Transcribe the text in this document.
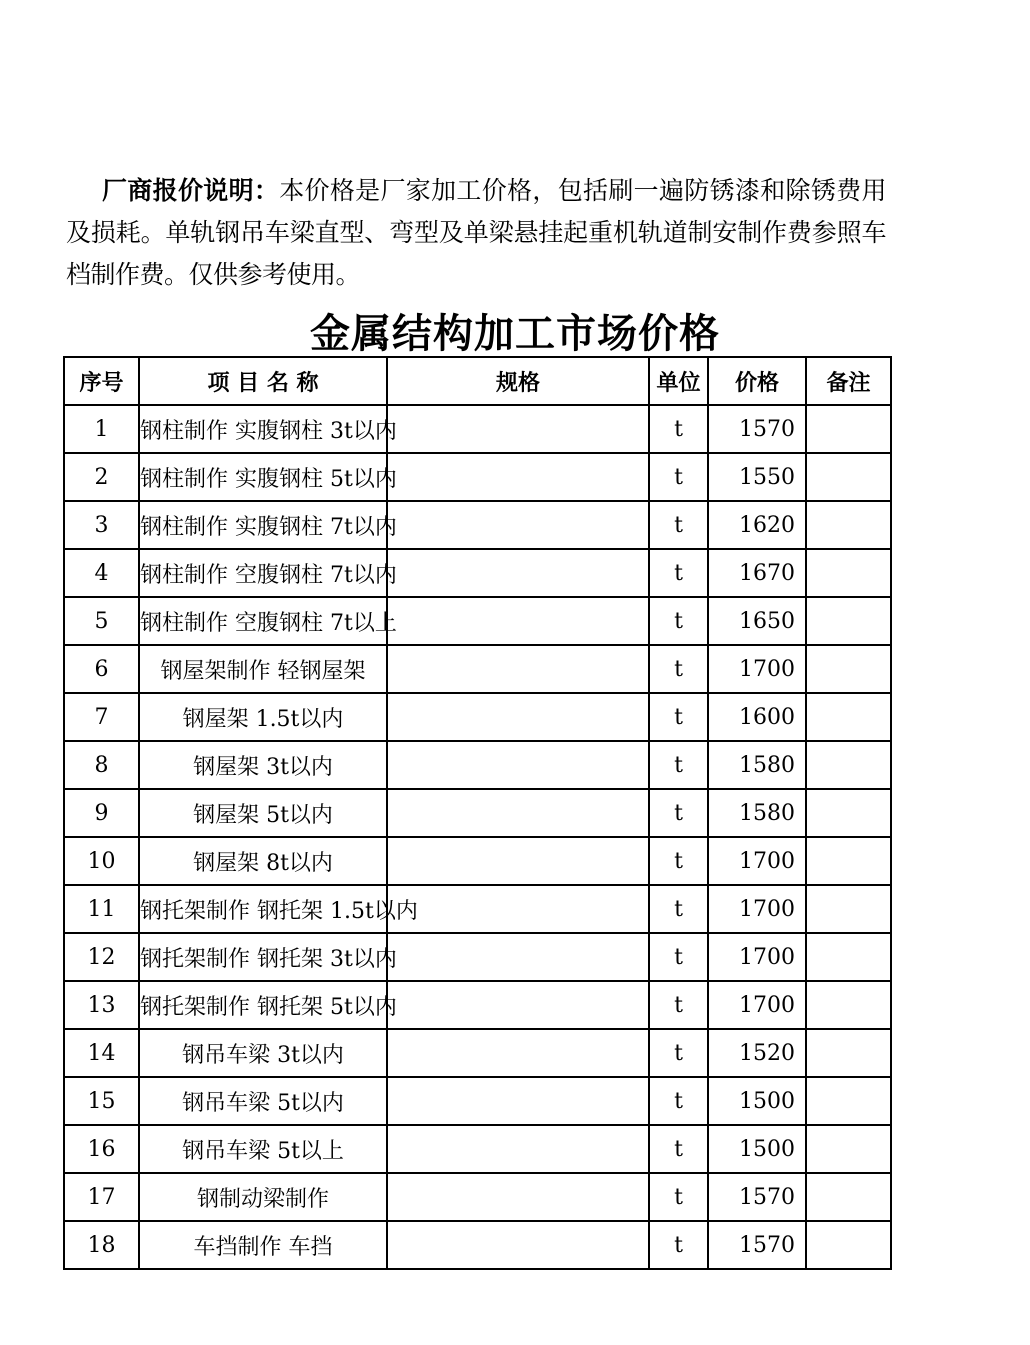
厂商报价说明：本价格是厂家加工价格，包括刷一遍防锈漆和除锈费用及损耗。单轨钢吊车梁直型、弯型及单梁悬挂起重机轨道制安制作费参照车档制作费。仅供参考使用。
金属结构加工市场价格
序号	项 目 名 称	规格	单位	价格	备注
1	钢柱制作 实腹钢柱 3t以内		t	1570	
2	钢柱制作 实腹钢柱 5t以内		t	1550	
3	钢柱制作 实腹钢柱 7t以内		t	1620	
4	钢柱制作 空腹钢柱 7t以内		t	1670	
5	钢柱制作 空腹钢柱 7t以上		t	1650	
6	钢屋架制作 轻钢屋架		t	1700	
7	钢屋架 1.5t以内		t	1600	
8	钢屋架 3t以内		t	1580	
9	钢屋架 5t以内		t	1580	
10	钢屋架 8t以内		t	1700	
11	钢托架制作 钢托架 1.5t以内		t	1700	
12	钢托架制作 钢托架 3t以内		t	1700	
13	钢托架制作 钢托架 5t以内		t	1700	
14	钢吊车梁 3t以内		t	1520	
15	钢吊车梁 5t以内		t	1500	
16	钢吊车梁 5t以上		t	1500	
17	钢制动梁制作		t	1570	
18	车挡制作 车挡		t	1570	
